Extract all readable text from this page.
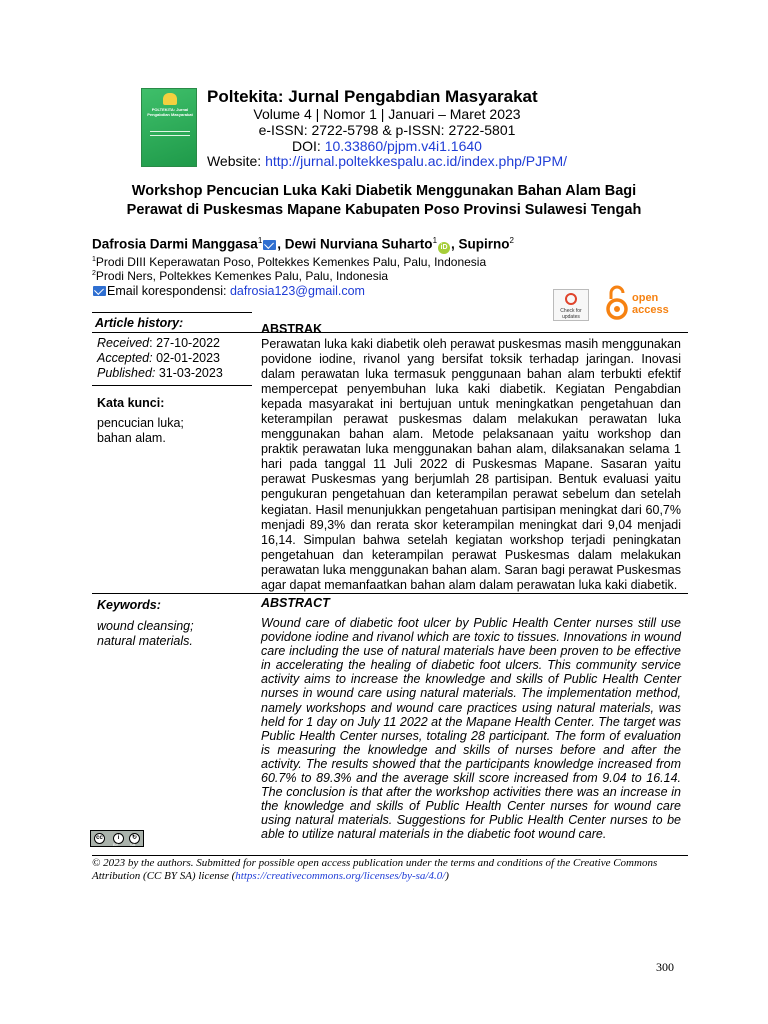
POLTEKITA: Jurnal Pengabdian Masyarakat
Poltekita: Jurnal Pengabdian Masyarakat
Volume 4 | Nomor 1 | Januari – Maret 2023
e-ISSN: 2722-5798 & p-ISSN: 2722-5801
DOI: 10.33860/pjpm.v4i1.1640
Website: http://jurnal.poltekkespalu.ac.id/index.php/PJPM/
Workshop Pencucian Luka Kaki Diabetik Menggunakan Bahan Alam Bagi
Perawat di Puskesmas Mapane Kabupaten Poso Provinsi Sulawesi Tengah
Dafrosia Darmi Manggasa$^1$ , Dewi Nurviana Suharto$^1$iD , Supirno$^2$
$^1$Prodi DIII Keperawatan Poso, Poltekkes Kemenkes Palu, Palu, Indonesia
$^2$Prodi Ners, Poltekkes Kemenkes Palu, Palu, Indonesia
Email korespondensi: dafrosia123@gmail.com
Check for updates
open
access
Article history:
Received: 27-10-2022
Accepted: 02-01-2023
Published: 31-03-2023
Kata kunci:
pencucian luka;
bahan alam.
Keywords:
wound cleansing;
natural materials.
ABSTRAK
Perawatan luka kaki diabetik oleh perawat puskesmas masih menggunakan povidone iodine, rivanol yang bersifat toksik terhadap jaringan. Inovasi dalam perawatan luka termasuk penggunaan bahan alam terbukti efektif mempercepat penyembuhan luka kaki diabetik. Kegiatan Pengabdian kepada masyarakat ini bertujuan untuk meningkatkan pengetahuan dan keterampilan perawat puskesmas dalam melakukan perawatan luka menggunakan bahan alam. Metode pelaksanaan yaitu workshop dan praktik perawatan luka menggunakan bahan alam, dilaksanakan selama 1 hari pada tanggal 11 Juli 2022 di Puskesmas Mapane. Sasaran yaitu perawat Puskesmas yang berjumlah 28 partisipan. Bentuk evaluasi yaitu pengukuran pengetahuan dan keterampilan perawat sebelum dan setelah kegiatan. Hasil menunjukkan pengetahuan partisipan meningkat dari 60,7% menjadi 89,3% dan rerata skor keterampilan meningkat dari 9,04 menjadi 16,14. Simpulan bahwa setelah kegiatan workshop terjadi peningkatan pengetahuan dan keterampilan perawat Puskesmas dalam melakukan perawatan luka menggunakan bahan alam. Saran bagi perawat Puskesmas agar dapat memanfaatkan bahan alam dalam perawatan luka kaki diabetik.
ABSTRACT
Wound care of diabetic foot ulcer by Public Health Center nurses still use povidone iodine and rivanol which are toxic to tissues. Innovations in wound care including the use of natural materials have been proven to be effective in accelerating the healing of diabetic foot ulcers. This community service activity aims to increase the knowledge and skills of Public Health Center nurses in wound care using natural materials. The implementation method, namely workshops and wound care practices using natural materials, was held for 1 day on July 11 2022 at the Mapane Health Center. The target was Public Health Center nurses, totaling 28 participant. The form of evaluation is measuring the knowledge and skills of nurses before and after the activity. The results showed that the participants knowledge increased from 60.7% to 89.3% and the average skill score increased from 9.04 to 16.14. The conclusion is that after the workshop activities there was an increase in the knowledge and skills of Public Health Center nurses for wound care using natural materials. Suggestions for Public Health Center nurses to be able to utilize natural materials in the diabetic foot wound care.
cc	i	↻
BY	SA
© 2023 by the authors. Submitted for possible open access publication under the terms and conditions of the Creative Commons Attribution (CC BY SA) license (https://creativecommons.org/licenses/by-sa/4.0/)
300
